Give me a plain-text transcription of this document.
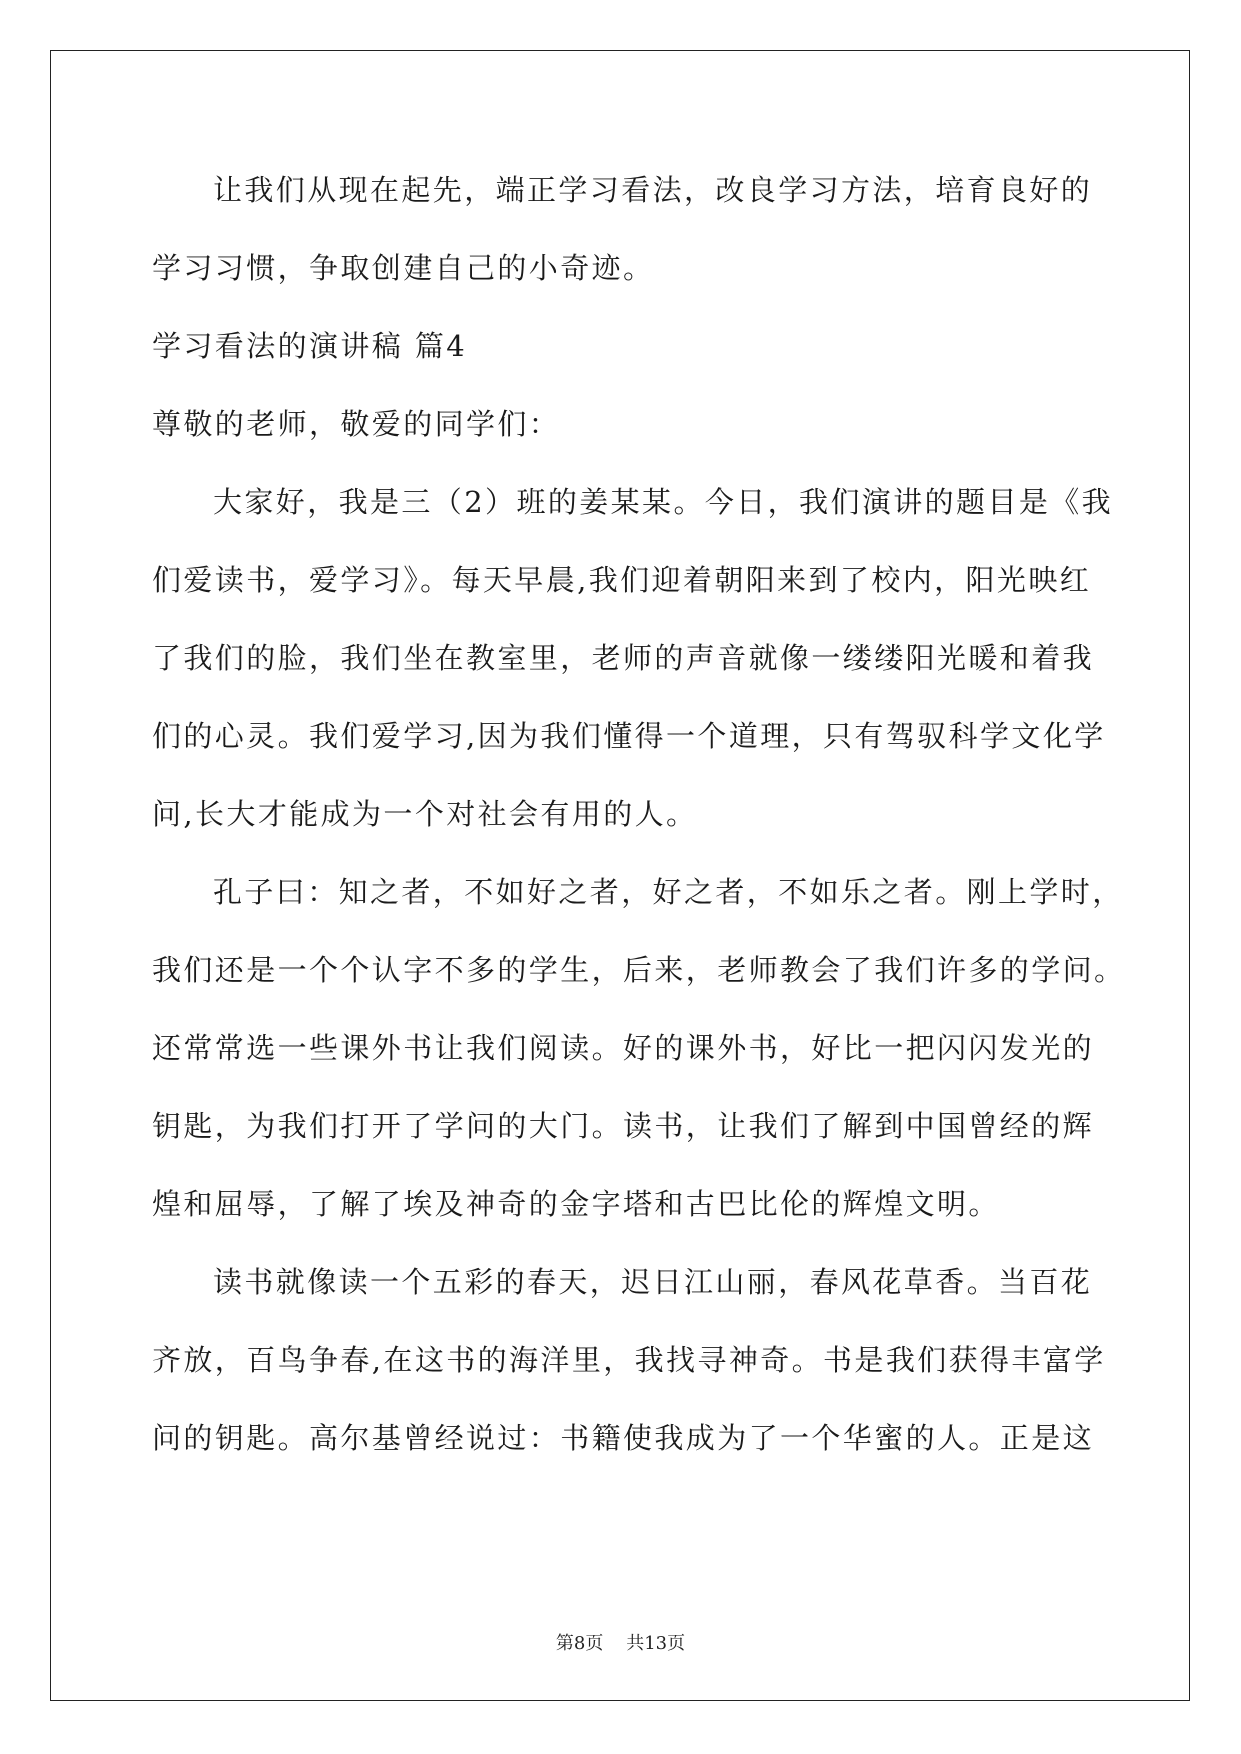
让我们从现在起先，端正学习看法，改良学习方法，培育良好的
学习习惯，争取创建自己的小奇迹。
学习看法的演讲稿 篇4
尊敬的老师，敬爱的同学们：
大家好，我是三（2）班的姜某某。今日，我们演讲的题目是《我
们爱读书，爱学习》。每天早晨,我们迎着朝阳来到了校内，阳光映红
了我们的脸，我们坐在教室里，老师的声音就像一缕缕阳光暖和着我
们的心灵。我们爱学习,因为我们懂得一个道理，只有驾驭科学文化学
问,长大才能成为一个对社会有用的人。
孔子曰：知之者，不如好之者，好之者，不如乐之者。刚上学时，
我们还是一个个认字不多的学生，后来，老师教会了我们许多的学问。
还常常选一些课外书让我们阅读。好的课外书，好比一把闪闪发光的
钥匙，为我们打开了学问的大门。读书，让我们了解到中国曾经的辉
煌和屈辱，了解了埃及神奇的金字塔和古巴比伦的辉煌文明。
读书就像读一个五彩的春天，迟日江山丽，春风花草香。当百花
齐放，百鸟争春,在这书的海洋里，我找寻神奇。书是我们获得丰富学
问的钥匙。高尔基曾经说过：书籍使我成为了一个华蜜的人。正是这
第8页 共13页
